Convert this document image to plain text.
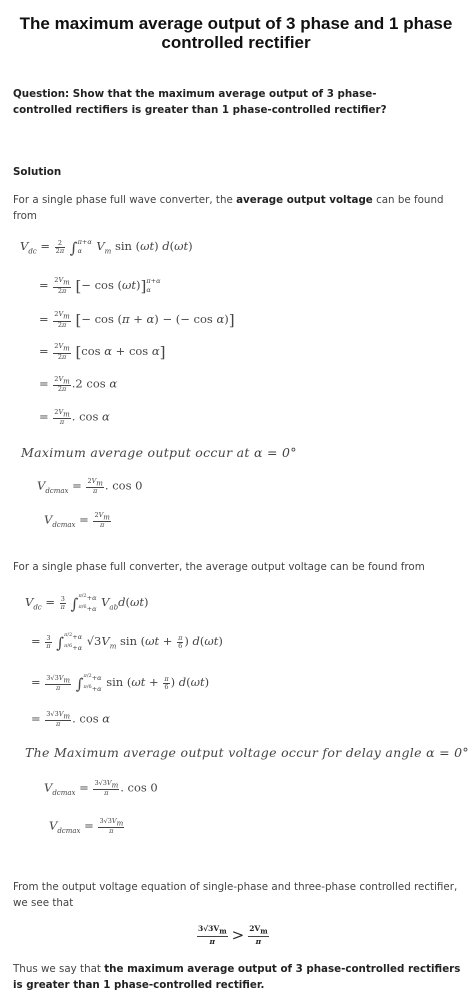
The maximum average output of 3 phase and 1 phase controlled rectifier
Question: Show that the maximum average output of 3 phase-controlled rectifiers is greater than 1 phase-controlled rectifier?
Solution
For a single phase full wave converter, the average output voltage can be found from
$V_{dc} = \frac{2}{2\pi}$ ∫ π+α
α	$V_m$ sin (ωt) d(ωt)
= $\frac{2V_m}{2\pi}$ [− cos (ωt)] π+α
α
= $\frac{2V_m}{2\pi}$ [− cos (π + α) − (− cos α)]
= $\frac{2V_m}{2\pi} [\cos$ α + cos α]
= $\frac{2V_m}{2\pi} .2$ cos α
= $\frac{2V_m}{\pi}$ . cos α
Maximum average output occur at α = 0°
$V_{dcmax} = \frac{2V_m}{\pi}$ . cos 0
$V_{dcmax} = \frac{2V_m}{\pi}$
For a single phase full converter, the average output voltage can be found from
$V_{dc} = \frac{3}{\pi}$ ∫ $^{\pi/2}$+α
$^{\pi/6}$+α
$V_{ab}d(\omega t)$
= $\frac{3}{\pi}$ ∫ $^{\pi/2}$+α
$^{\pi/6}$+α
$√3V_m$ $\sin (\omega t + \frac{\pi}{6}$ ) d(ωt)
= $\frac{3√3V_m}{\pi}$ ∫ $^{\pi/2}$+α
$^{\pi/6}$+α
$\sin (\omega t + \frac{\pi}{6}$ ) d(ωt)
= $\frac{3√3V_m}{\pi}$ . cos α
The Maximum average output voltage occur for delay angle α = 0°
$V_{dcmax} = \frac{3√3V_m}{\pi}$ . cos 0
$V_{dcmax} = \frac{3√3V_m}{\pi}$
From the output voltage equation of single-phase and three-phase controlled rectifier, we see that
$\frac{3√3V_m}{\pi} > \frac{2V_m}{\pi}$
Thus we say that the maximum average output of 3 phase-controlled rectifiers is greater than 1 phase-controlled rectifier.
